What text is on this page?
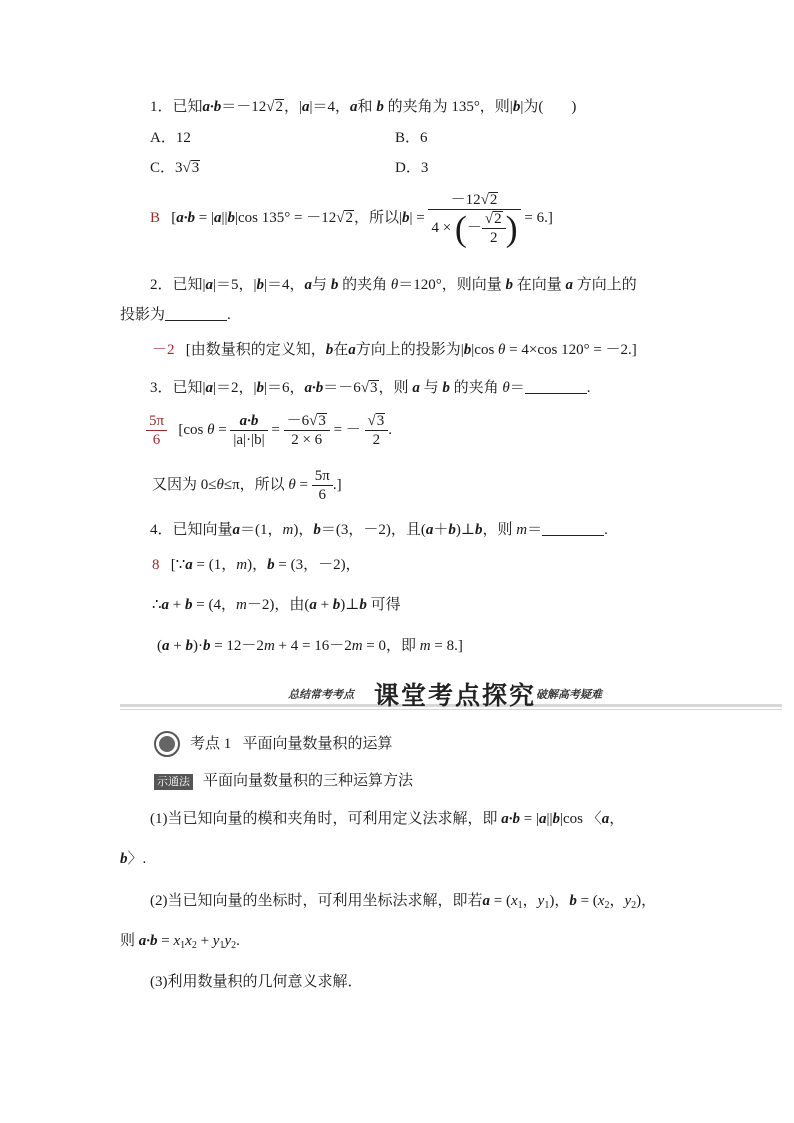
1．已知a·b＝－12√2，|a|＝4，a和 b 的夹角为 135°，则|b|为( )
A．12	B．6
C．3√3	D．3
B [a·b = |a||b|cos 135° = －12√2，所以$|b| = \frac{-12√2}{4 \times (- \frac{√2}{2} )} = 6$.]
2．已知|a|＝5，|b|＝4，a与 b 的夹角 θ＝120°，则向量 b 在向量 a 方向上的
投影为	.
－2 [由数量积的定义知，b在a方向上的投影为|b|cos θ = 4×cos 120° = －2.]
3．已知|a|＝2，|b|＝6，a·b＝－6√3，则 a 与 b 的夹角 θ＝	.
$\frac{5\pi}{6} [\cos$ $\theta = \frac{a\cdot b}{|a|\cdot|b|} = \frac{-6√3}{2 \times 6}$ = － $\frac{√3}{2}$ .
又因为 0≤θ≤π，所以 $\theta = \frac{5\pi}{6}$ .]
4．已知向量a＝(1，m)，b＝(3，－2)，且(a＋b)⊥b，则 m＝	.
8 [∵a = (1，m)，b = (3，－2)，
∴a + b = (4，m－2)，由(a + b)⊥b 可得
(a + b)·b = 12－2m + 4 = 16－2m = 0，即 m = 8.]
总结常考考点 课堂考点探究 破解高考疑难
考点 1 平面向量数量积的运算
示通法 平面向量数量积的三种运算方法
(1)当已知向量的模和夹角时，可利用定义法求解，即 a·b = |a||b|cos 〈a，
b〉.
(2)当已知向量的坐标时，可利用坐标法求解，即若$a = (x_1$，$y_1$)，$b = (x_2$，$y_2$)，
则 $a\cdot b = x_1x_2 + y_1y_2$.
(3)利用数量积的几何意义求解．
